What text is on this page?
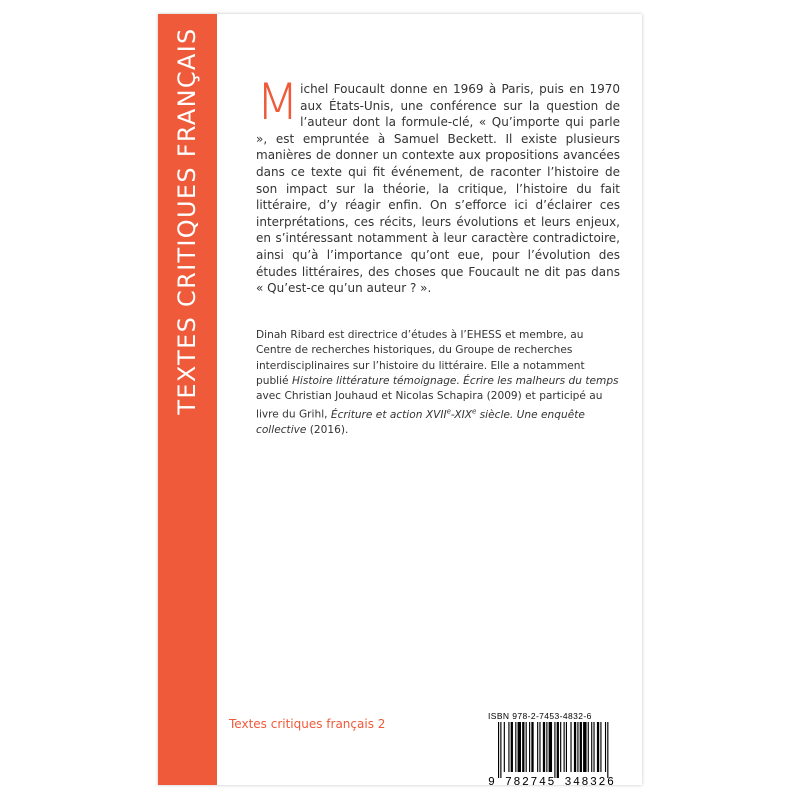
TEXTES CRITIQUES FRANÇAIS Michel Foucault donne en 1969 à Paris, puis en 1970 aux États-Unis, une conférence sur la question de l’auteur dont la formule-clé, « Qu’importe qui parle », est empruntée à Samuel Beckett. Il existe plusieurs manières de donner un contexte aux propositions avancées dans ce texte qui fit événement, de raconter l’histoire de son impact sur la théorie, la critique, l’histoire du fait littéraire, d’y réagir enfin. On s’efforce ici d’éclairer ces interprétations, ces récits, leurs évolutions et leurs enjeux, en s’intéressant notamment à leur caractère contradictoire, ainsi qu’à l’importance qu’ont eue, pour l’évolution des études littéraires, des choses que Foucault ne dit pas dans « Qu’est-ce qu’un auteur ? ».
Dinah Ribard est directrice d’études à l’EHESS et membre, au Centre de recherches historiques, du Groupe de recherches interdisciplinaires sur l’histoire du littéraire. Elle a notamment publié Histoire littérature témoignage. Écrire les malheurs du temps avec Christian Jouhaud et Nicolas Schapira (2009) et participé au livre du Grihl, Écriture et action XVIIe-XIXe siècle. Une enquête collective (2016).
Textes critiques français 2
ISBN 978-2-7453-4832-6
9 782745 348326
